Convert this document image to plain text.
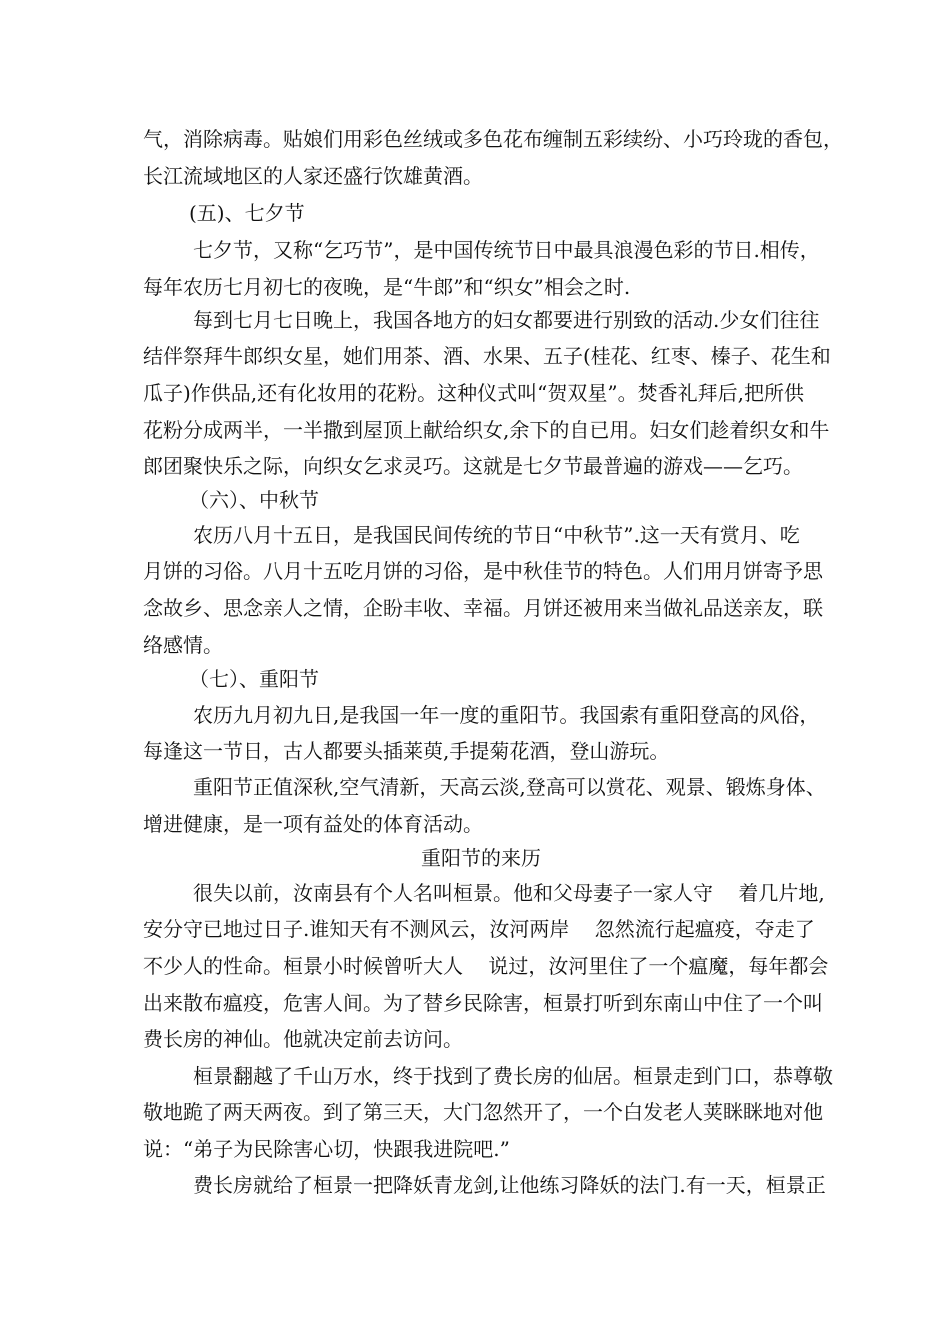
气，消除病毒。贴娘们用彩色丝绒或多色花布缠制五彩续纷、小巧玲珑的香包，
长江流域地区的人家还盛行饮雄黄酒。
(五)、七夕节
七夕节，又称“乞巧节”，是中国传统节日中最具浪漫色彩的节日.相传，
每年农历七月初七的夜晚，是“牛郎”和“织女”相会之时.
每到七月七日晚上，我国各地方的妇女都要进行别致的活动.少女们往往
结伴祭拜牛郎织女星，她们用茶、酒、水果、五子(桂花、红枣、榛子、花生和
瓜子)作供品,还有化妆用的花粉。这种仪式叫“贺双星”。焚香礼拜后,把所供
花粉分成两半，一半撒到屋顶上献给织女,余下的自已用。妇女们趁着织女和牛
郎团聚快乐之际，向织女乞求灵巧。这就是七夕节最普遍的游戏——乞巧。
（六）、中秋节
农历八月十五日，是我国民间传统的节日“中秋节”.这一天有赏月、吃
月饼的习俗。八月十五吃月饼的习俗，是中秋佳节的特色。人们用月饼寄予思
念故乡、思念亲人之情，企盼丰收、幸福。月饼还被用来当做礼品送亲友，联
络感情。
（七）、重阳节
农历九月初九日,是我国一年一度的重阳节。我国索有重阳登高的风俗，
每逢这一节日，古人都要头插莱萸,手提菊花酒，登山游玩。
重阳节正值深秋,空气清新，天高云淡,登高可以赏花、观景、锻炼身体、
增进健康，是一项有益处的体育活动。
重阳节的来历
很失以前，汝南县有个人名叫桓景。他和父母妻子一家人守    着几片地,
安分守已地过日子.谁知天有不测风云，汝河两岸    忽然流行起瘟疫，夺走了
不少人的性命。桓景小时候曾听大人    说过，汝河里住了一个瘟魔，每年都会
出来散布瘟疫，危害人间。为了替乡民除害，桓景打听到东南山中住了一个叫
费长房的神仙。他就决定前去访问。
桓景翻越了千山万水，终于找到了费长房的仙居。桓景走到门口，恭尊敬
敬地跪了两天两夜。到了第三天，大门忽然开了，一个白发老人荚眯眯地对他
说：“弟子为民除害心切，快跟我进院吧.”
费长房就给了桓景一把降妖青龙剑,让他练习降妖的法门.有一天，桓景正
